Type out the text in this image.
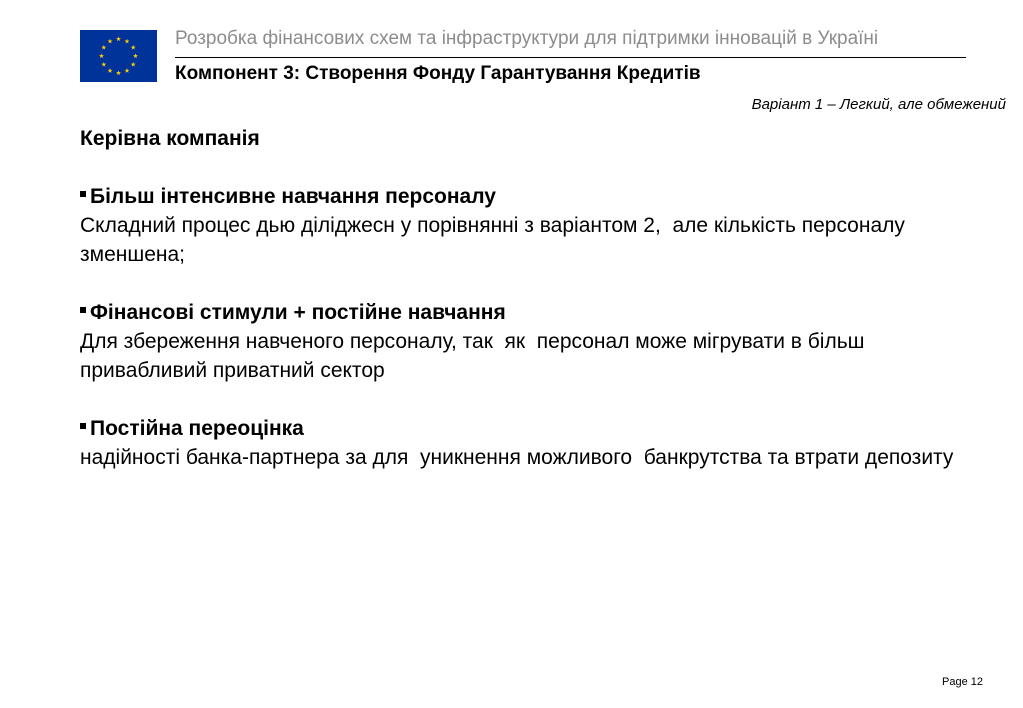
Розробка фінансових схем та інфраструктури для підтримки інновацій в Україні
Компонент 3: Створення Фонду Гарантування Кредитів
Варіант 1 – Легкий, але обмежений

Керівна компанія

Більш інтенсивне навчання персоналу

Складний процес дью діліджесн у порівнянні з варіантом 2,  але кількість персоналу зменшена;

Фінансові стимули + постійне навчання

Для збереження навченого персоналу, так  як  персонал може мігрувати в більш  привабливий приватний сектор

Постійна переоцінка

надійності банка-партнера за для  уникнення можливого  банкрутства та втрати депозиту

Page 12
